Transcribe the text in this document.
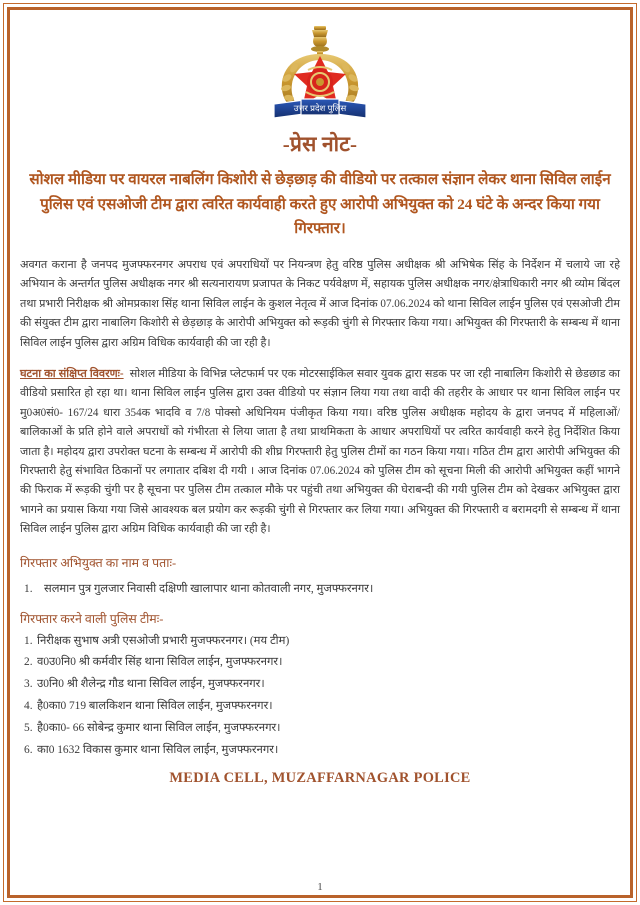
उत्तर प्रदेश पुलिस
-प्रेस नोट-
सोशल मीडिया पर वायरल नाबलिंग किशोरी से छेड़छाड़ की वीडियो पर तत्काल संज्ञान लेकर थाना सिविल लाईन पुलिस एवं एसओजी टीम द्वारा त्वरित कार्यवाही करते हुए आरोपी अभियुक्त को 24 घंटे के अन्दर किया गया गिरफ्तार।

अवगत कराना है जनपद मुजफ्फरनगर अपराध एवं अपराधियों पर नियन्त्रण हेतु वरिष्ठ पुलिस अधीक्षक श्री अभिषेक सिंह के निर्देशन में चलाये जा रहे अभियान के अन्तर्गत पुलिस अधीक्षक नगर श्री सत्यनारायण प्रजापत के निकट पर्यवेक्षण में, सहायक पुलिस अधीक्षक नगर/क्षेत्राधिकारी नगर श्री व्योम बिंदल तथा प्रभारी निरीक्षक श्री ओमप्रकाश सिंह थाना सिविल लाईन के कुशल नेतृत्व में आज दिनांक 07.06.2024 को थाना सिविल लाईन पुलिस एवं एसओजी टीम की संयुक्त टीम द्वारा नाबालिग किशोरी से छेड़छाड़ के आरोपी अभियुक्त को रूड़की चुंगी से गिरफ्तार किया गया। अभियुक्त की गिरफ्तारी के सम्बन्ध में थाना सिविल लाईन पुलिस द्वारा अग्रिम विधिक कार्यवाही की जा रही है।

घटना का संक्षिप्त विवरणः- सोशल मीडिया के विभिन्न प्लेटफार्म पर एक मोटरसाईकिल सवार युवक द्वारा सडक पर जा रही नाबालिग किशोरी से छेडछाड का वीडियो प्रसारित हो रहा था। थाना सिविल लाईन पुलिस द्वारा उक्त वीडियो पर संज्ञान लिया गया तथा वादी की तहरीर के आधार पर थाना सिविल लाईन पर मु0अ0सं0- 167/24 धारा 354क भादवि व 7/8 पोक्सो अधिनियम पंजीकृत किया गया। वरिष्ठ पुलिस अधीक्षक महोदय के द्वारा जनपद में महिलाओं/बालिकाओं के प्रति होने वाले अपराधों को गंभीरता से लिया जाता है तथा प्राथमिकता के आधार अपराधियों पर त्वरित कार्यवाही करने हेतु निर्देशित किया जाता है। महोदय द्वारा उपरोक्त घटना के सम्बन्ध में आरोपी की शीघ्र गिरफ्तारी हेतु पुलिस टीमों का गठन किया गया। गठित टीम द्वारा आरोपी अभियुक्त की गिरफ्तारी हेतु संभावित ठिकानों पर लगातार दबिश दी गयी । आज दिनांक 07.06.2024 को पुलिस टीम को सूचना मिली की आरोपी अभियुक्त कहीं भागने की फिराक में रूड़की चुंगी पर है सूचना पर पुलिस टीम तत्काल मौके पर पहुंची तथा अभियुक्त की घेराबन्दी की गयी पुलिस टीम को देखकर अभियुक्त द्वारा भागने का प्रयास किया गया जिसे आवश्यक बल प्रयोग कर रूड़की चुंगी से गिरफ्तार कर लिया गया। अभियुक्त की गिरफ्तारी व बरामदगी से सम्बन्ध में थाना सिविल लाईन पुलिस द्वारा अग्रिम विधिक कार्यवाही की जा रही है।

गिरफ्तार अभियुक्त का नाम व पताः-
सलमान पुत्र गुलजार निवासी दक्षिणी खालापार थाना कोतवाली नगर, मुजफ्फरनगर।
गिरफ्तार करने वाली पुलिस टीमः-
निरीक्षक सुभाष अत्री एसओजी प्रभारी मुजफ्फरनगर। (मय टीम)
व0उ0नि0 श्री कर्मवीर सिंह थाना सिविल लाईन, मुजफ्फरनगर।
उ0नि0 श्री शैलेन्द्र गौड थाना सिविल लाईन, मुजफ्फरनगर।
है0का0 719 बालकिशन थाना सिविल लाईन, मुजफ्फरनगर।
है0का0- 66 सोबेन्द्र कुमार थाना सिविल लाईन, मुजफ्फरनगर।
का0 1632 विकास कुमार थाना सिविल लाईन, मुजफ्फरनगर।
MEDIA CELL, MUZAFFARNAGAR POLICE
1
